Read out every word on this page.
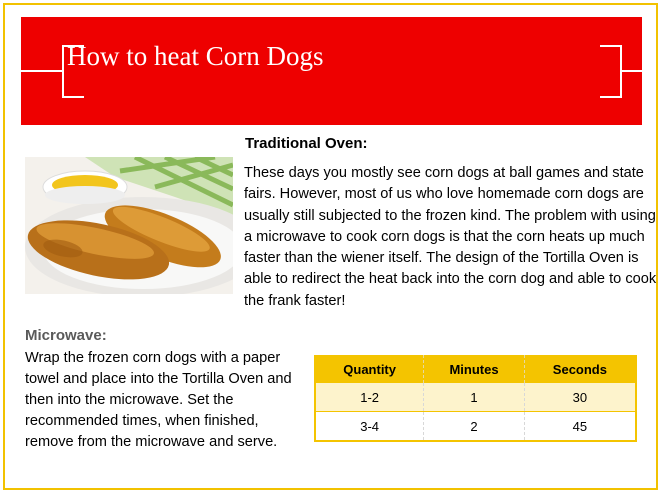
How to heat Corn Dogs
Traditional Oven:

These days you mostly see corn dogs at ball games and state fairs. However, most of us who love homemade corn dogs are usually still subjected to the frozen kind. The problem with using a microwave to cook corn dogs is that the corn heats up much faster than the wiener itself. The design of the Tortilla Oven is able to redirect the heat back into the corn dog and able to cook the frank faster!

Microwave:

Wrap the frozen corn dogs with a paper towel and place into the Tortilla Oven and then into the microwave. Set the recommended times, when finished, remove from the microwave and serve.

Quantity	Minutes	Seconds
1-2	1	30
3-4	2	45
